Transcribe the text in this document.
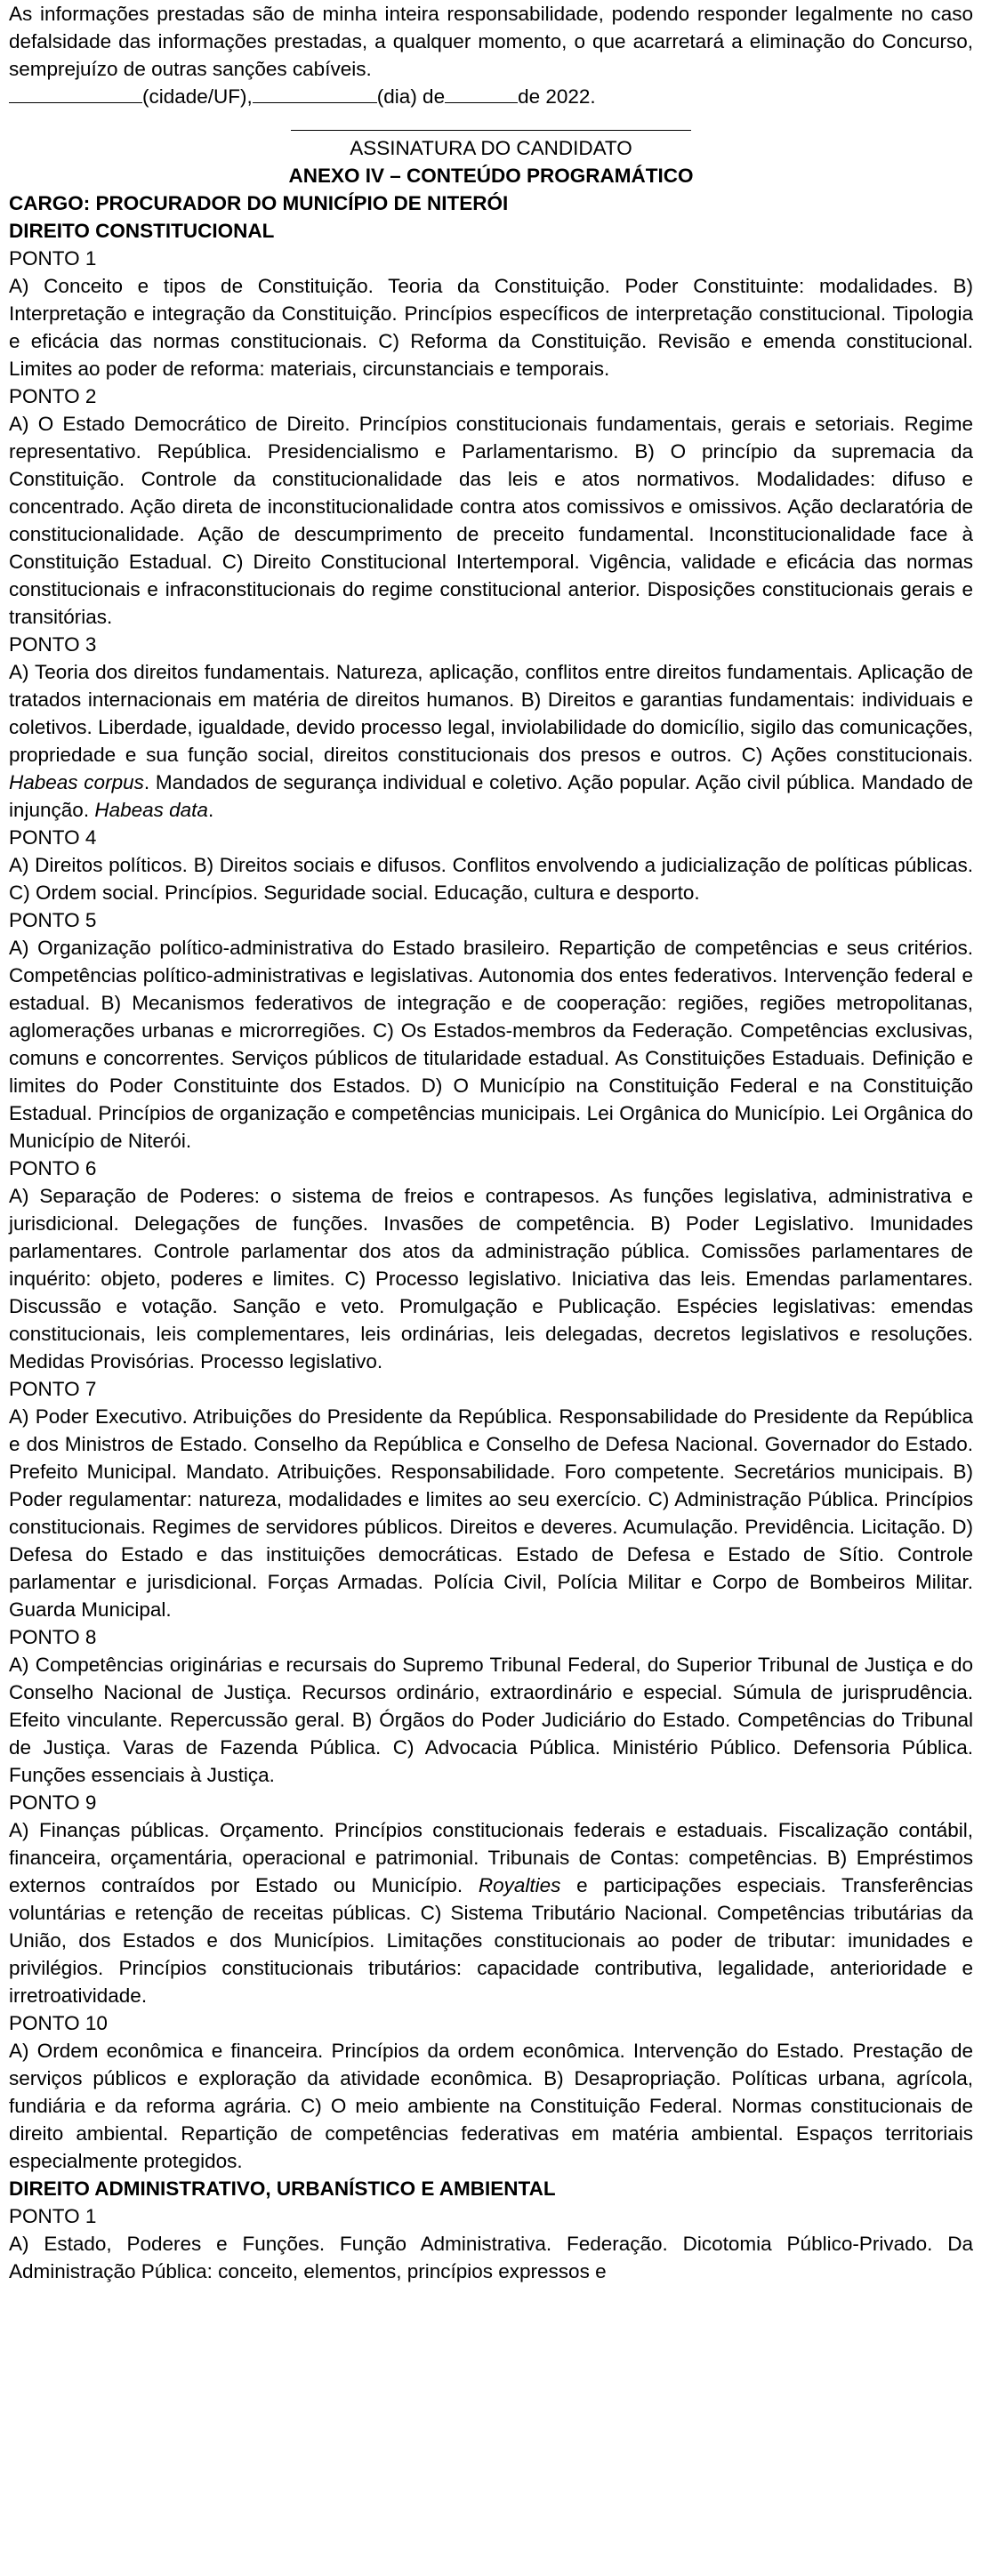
As informações prestadas são de minha inteira responsabilidade, podendo responder legalmente no caso defalsidade das informações prestadas, a qualquer momento, o que acarretará a eliminação do Concurso, semprejuízo de outras sanções cabíveis.

(cidade/UF),	(dia) de	de 2022.

ASSINATURA DO CANDIDATO

ANEXO IV – CONTEÚDO PROGRAMÁTICO

CARGO: PROCURADOR DO MUNICÍPIO DE NITERÓI

DIREITO CONSTITUCIONAL

PONTO 1

A) Conceito e tipos de Constituição. Teoria da Constituição. Poder Constituinte: modalidades. B) Interpretação e integração da Constituição. Princípios específicos de interpretação constitucional. Tipologia e eficácia das normas constitucionais. C) Reforma da Constituição. Revisão e emenda constitucional. Limites ao poder de reforma: materiais, circunstanciais e temporais.

PONTO 2

A) O Estado Democrático de Direito. Princípios constitucionais fundamentais, gerais e setoriais. Regime representativo. República. Presidencialismo e Parlamentarismo. B) O princípio da supremacia da Constituição. Controle da constitucionalidade das leis e atos normativos. Modalidades: difuso e concentrado. Ação direta de inconstitucionalidade contra atos comissivos e omissivos. Ação declaratória de constitucionalidade. Ação de descumprimento de preceito fundamental. Inconstitucionalidade face à Constituição Estadual. C) Direito Constitucional Intertemporal. Vigência, validade e eficácia das normas constitucionais e infraconstitucionais do regime constitucional anterior. Disposições constitucionais gerais e transitórias.

PONTO 3

A) Teoria dos direitos fundamentais. Natureza, aplicação, conflitos entre direitos fundamentais. Aplicação de tratados internacionais em matéria de direitos humanos. B) Direitos e garantias fundamentais: individuais e coletivos. Liberdade, igualdade, devido processo legal, inviolabilidade do domicílio, sigilo das comunicações, propriedade e sua função social, direitos constitucionais dos presos e outros. C) Ações constitucionais. Habeas corpus. Mandados de segurança individual e coletivo. Ação popular. Ação civil pública. Mandado de injunção. Habeas data.

PONTO 4

A) Direitos políticos. B) Direitos sociais e difusos. Conflitos envolvendo a judicialização de políticas públicas. C) Ordem social. Princípios. Seguridade social. Educação, cultura e desporto.

PONTO 5

A) Organização político-administrativa do Estado brasileiro. Repartição de competências e seus critérios. Competências político-administrativas e legislativas. Autonomia dos entes federativos. Intervenção federal e estadual. B) Mecanismos federativos de integração e de cooperação: regiões, regiões metropolitanas, aglomerações urbanas e microrregiões. C) Os Estados-membros da Federação. Competências exclusivas, comuns e concorrentes. Serviços públicos de titularidade estadual. As Constituições Estaduais. Definição e limites do Poder Constituinte dos Estados. D) O Município na Constituição Federal e na Constituição Estadual. Princípios de organização e competências municipais. Lei Orgânica do Município. Lei Orgânica do Município de Niterói.

PONTO 6

A) Separação de Poderes: o sistema de freios e contrapesos. As funções legislativa, administrativa e jurisdicional. Delegações de funções. Invasões de competência. B) Poder Legislativo. Imunidades parlamentares. Controle parlamentar dos atos da administração pública. Comissões parlamentares de inquérito: objeto, poderes e limites. C) Processo legislativo. Iniciativa das leis. Emendas parlamentares. Discussão e votação. Sanção e veto. Promulgação e Publicação. Espécies legislativas: emendas constitucionais, leis complementares, leis ordinárias, leis delegadas, decretos legislativos e resoluções. Medidas Provisórias. Processo legislativo.

PONTO 7

A) Poder Executivo. Atribuições do Presidente da República. Responsabilidade do Presidente da República e dos Ministros de Estado. Conselho da República e Conselho de Defesa Nacional. Governador do Estado. Prefeito Municipal. Mandato. Atribuições. Responsabilidade. Foro competente. Secretários municipais. B) Poder regulamentar: natureza, modalidades e limites ao seu exercício. C) Administração Pública. Princípios constitucionais. Regimes de servidores públicos. Direitos e deveres. Acumulação. Previdência. Licitação. D) Defesa do Estado e das instituições democráticas. Estado de Defesa e Estado de Sítio. Controle parlamentar e jurisdicional. Forças Armadas. Polícia Civil, Polícia Militar e Corpo de Bombeiros Militar. Guarda Municipal.

PONTO 8

A) Competências originárias e recursais do Supremo Tribunal Federal, do Superior Tribunal de Justiça e do Conselho Nacional de Justiça. Recursos ordinário, extraordinário e especial. Súmula de jurisprudência. Efeito vinculante. Repercussão geral. B) Órgãos do Poder Judiciário do Estado. Competências do Tribunal de Justiça. Varas de Fazenda Pública. C) Advocacia Pública. Ministério Público. Defensoria Pública. Funções essenciais à Justiça.

PONTO 9

A) Finanças públicas. Orçamento. Princípios constitucionais federais e estaduais. Fiscalização contábil, financeira, orçamentária, operacional e patrimonial. Tribunais de Contas: competências. B) Empréstimos externos contraídos por Estado ou Município. Royalties e participações especiais. Transferências voluntárias e retenção de receitas públicas. C) Sistema Tributário Nacional. Competências tributárias da União, dos Estados e dos Municípios. Limitações constitucionais ao poder de tributar: imunidades e privilégios. Princípios constitucionais tributários: capacidade contributiva, legalidade, anterioridade e irretroatividade.

PONTO 10

A) Ordem econômica e financeira. Princípios da ordem econômica. Intervenção do Estado. Prestação de serviços públicos e exploração da atividade econômica. B) Desapropriação. Políticas urbana, agrícola, fundiária e da reforma agrária. C) O meio ambiente na Constituição Federal. Normas constitucionais de direito ambiental. Repartição de competências federativas em matéria ambiental. Espaços territoriais especialmente protegidos.

DIREITO ADMINISTRATIVO, URBANÍSTICO E AMBIENTAL

PONTO 1

A) Estado, Poderes e Funções. Função Administrativa. Federação. Dicotomia Público-Privado. Da Administração Pública: conceito, elementos, princípios expressos e
